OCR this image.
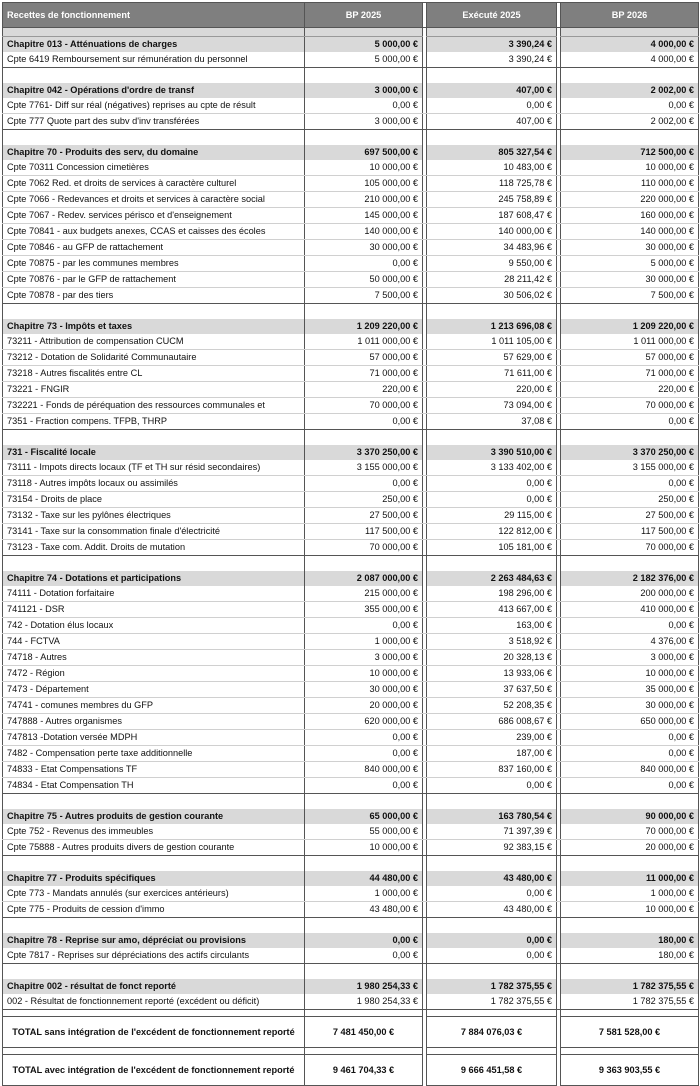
Recettes de fonctionnement	BP 2025		Exécuté 2025		BP 2026

Chapitre 013 - Atténuations de charges	5 000,00 €		3 390,24 €		4 000,00 €
Cpte 6419 Remboursement sur rémunération du personnel	5 000,00 €		3 390,24 €		4 000,00 €

Chapitre 042 - Opérations d'ordre de transf	3 000,00 €		407,00 €		2 002,00 €
Cpte 7761- Diff sur réal (négatives) reprises au cpte de résult	0,00 €		0,00 €		0,00 €
Cpte 777 Quote part des subv d'inv transférées	3 000,00 €		407,00 €		2 002,00 €

Chapitre 70 - Produits des serv, du domaine	697 500,00 €		805 327,54 €		712 500,00 €
Cpte 70311 Concession cimetières	10 000,00 €		10 483,00 €		10 000,00 €
Cpte 7062 Red. et droits de services à caractère culturel	105 000,00 €		118 725,78 €		110 000,00 €
Cpte 7066 - Redevances et droits et services à caractère social	210 000,00 €		245 758,89 €		220 000,00 €
Cpte 7067 - Redev. services périsco et d'enseignement	145 000,00 €		187 608,47 €		160 000,00 €
Cpte 70841 - aux budgets anexes, CCAS et caisses des écoles	140 000,00 €		140 000,00 €		140 000,00 €
Cpte 70846 - au GFP de rattachement	30 000,00 €		34 483,96 €		30 000,00 €
Cpte 70875 - par les communes membres	0,00 €		9 550,00 €		5 000,00 €
Cpte 70876 - par le GFP de rattachement	50 000,00 €		28 211,42 €		30 000,00 €
Cpte 70878 - par des tiers	7 500,00 €		30 506,02 €		7 500,00 €

Chapitre 73 - Impôts et taxes	1 209 220,00 €		1 213 696,08 €		1 209 220,00 €
73211 - Attribution de compensation CUCM	1 011 000,00 €		1 011 105,00 €		1 011 000,00 €
73212 - Dotation de Solidarité Communautaire	57 000,00 €		57 629,00 €		57 000,00 €
73218 - Autres fiscalités entre CL	71 000,00 €		71 611,00 €		71 000,00 €
73221 - FNGIR	220,00 €		220,00 €		220,00 €
732221 - Fonds de péréquation des ressources communales et	70 000,00 €		73 094,00 €		70 000,00 €
7351 - Fraction compens. TFPB, THRP	0,00 €		37,08 €		0,00 €

731 - Fiscalité locale	3 370 250,00 €		3 390 510,00 €		3 370 250,00 €
73111 - Impots directs locaux (TF et TH sur résid secondaires)	3 155 000,00 €		3 133 402,00 €		3 155 000,00 €
73118 - Autres impôts locaux ou assimilés	0,00 €		0,00 €		0,00 €
73154 - Droits de place	250,00 €		0,00 €		250,00 €
73132 - Taxe sur les pylônes électriques	27 500,00 €		29 115,00 €		27 500,00 €
73141 - Taxe sur la consommation finale d'électricité	117 500,00 €		122 812,00 €		117 500,00 €
73123 - Taxe com. Addit. Droits de mutation	70 000,00 €		105 181,00 €		70 000,00 €

Chapitre 74 - Dotations et participations	2 087 000,00 €		2 263 484,63 €		2 182 376,00 €
74111 - Dotation forfaitaire	215 000,00 €		198 296,00 €		200 000,00 €
741121 - DSR	355 000,00 €		413 667,00 €		410 000,00 €
742 - Dotation élus locaux	0,00 €		163,00 €		0,00 €
744 - FCTVA	1 000,00 €		3 518,92 €		4 376,00 €
74718 - Autres	3 000,00 €		20 328,13 €		3 000,00 €
7472 - Région	10 000,00 €		13 933,06 €		10 000,00 €
7473 - Département	30 000,00 €		37 637,50 €		35 000,00 €
74741 - comunes membres du GFP	20 000,00 €		52 208,35 €		30 000,00 €
747888 - Autres organismes	620 000,00 €		686 008,67 €		650 000,00 €
747813 -Dotation versée MDPH	0,00 €		239,00 €		0,00 €
7482 - Compensation perte taxe additionnelle	0,00 €		187,00 €		0,00 €
74833 - Etat Compensations TF	840 000,00 €		837 160,00 €		840 000,00 €
74834 - Etat Compensation TH	0,00 €		0,00 €		0,00 €

Chapitre 75 - Autres produits de gestion courante	65 000,00 €		163 780,54 €		90 000,00 €
Cpte 752 - Revenus des immeubles	55 000,00 €		71 397,39 €		70 000,00 €
Cpte 75888 - Autres produits divers de gestion courante	10 000,00 €		92 383,15 €		20 000,00 €

Chapitre 77 - Produits spécifiques	44 480,00 €		43 480,00 €		11 000,00 €
Cpte 773 - Mandats annulés (sur exercices antérieurs)	1 000,00 €		0,00 €		1 000,00 €
Cpte 775 - Produits de cession d'immo	43 480,00 €		43 480,00 €		10 000,00 €

Chapitre 78 - Reprise sur amo, dépréciat ou provisions	0,00 €		0,00 €		180,00 €
Cpte 7817 - Reprises sur dépréciations des actifs circulants	0,00 €		0,00 €		180,00 €

Chapitre 002 - résultat de fonct reporté	1 980 254,33 €		1 782 375,55 €		1 782 375,55 €
002 - Résultat de fonctionnement reporté (excédent ou déficit)	1 980 254,33 €		1 782 375,55 €		1 782 375,55 €

TOTAL sans intégration de l'excédent de fonctionnement reporté	7 481 450,00 €		7 884 076,03 €		7 581 528,00 €

TOTAL avec intégration de l'excédent de fonctionnement reporté	9 461 704,33 €		9 666 451,58 €		9 363 903,55 €
